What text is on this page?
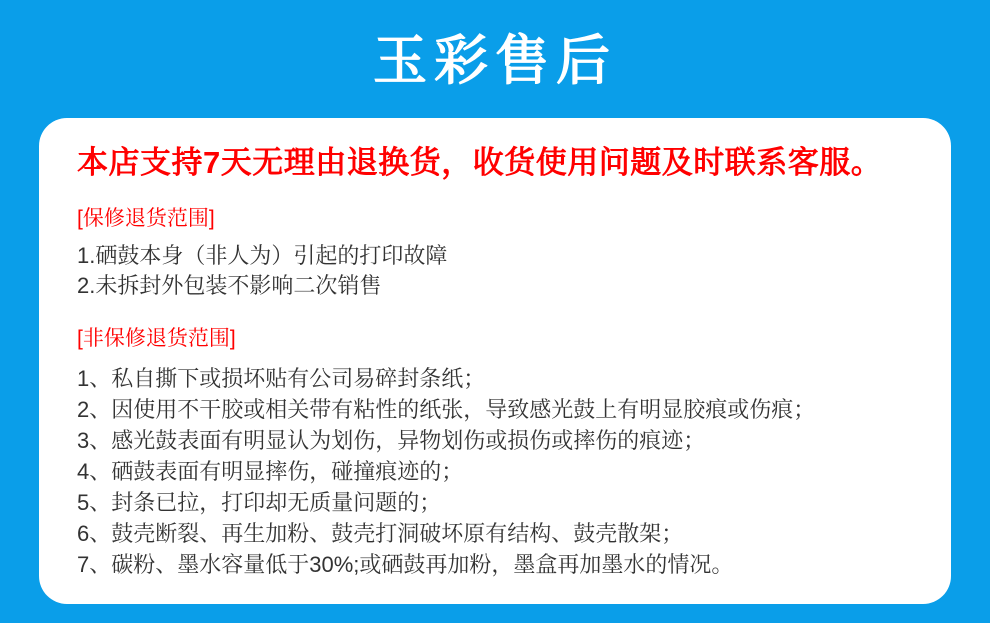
玉彩售后

本店支持7天无理由退换货，收货使用问题及时联系客服。

[保修退货范围]
1.硒鼓本身（非人为）引起的打印故障
2.未拆封外包装不影响二次销售
[非保修退货范围]
1、私自撕下或损坏贴有公司易碎封条纸；
2、因使用不干胶或相关带有粘性的纸张，导致感光鼓上有明显胶痕或伤痕；
3、感光鼓表面有明显认为划伤，异物划伤或损伤或摔伤的痕迹；
4、硒鼓表面有明显摔伤，碰撞痕迹的；
5、封条已拉，打印却无质量问题的；
6、鼓壳断裂、再生加粉、鼓壳打洞破坏原有结构、鼓壳散架；
7、碳粉、墨水容量低于30%;或硒鼓再加粉，墨盒再加墨水的情况。
